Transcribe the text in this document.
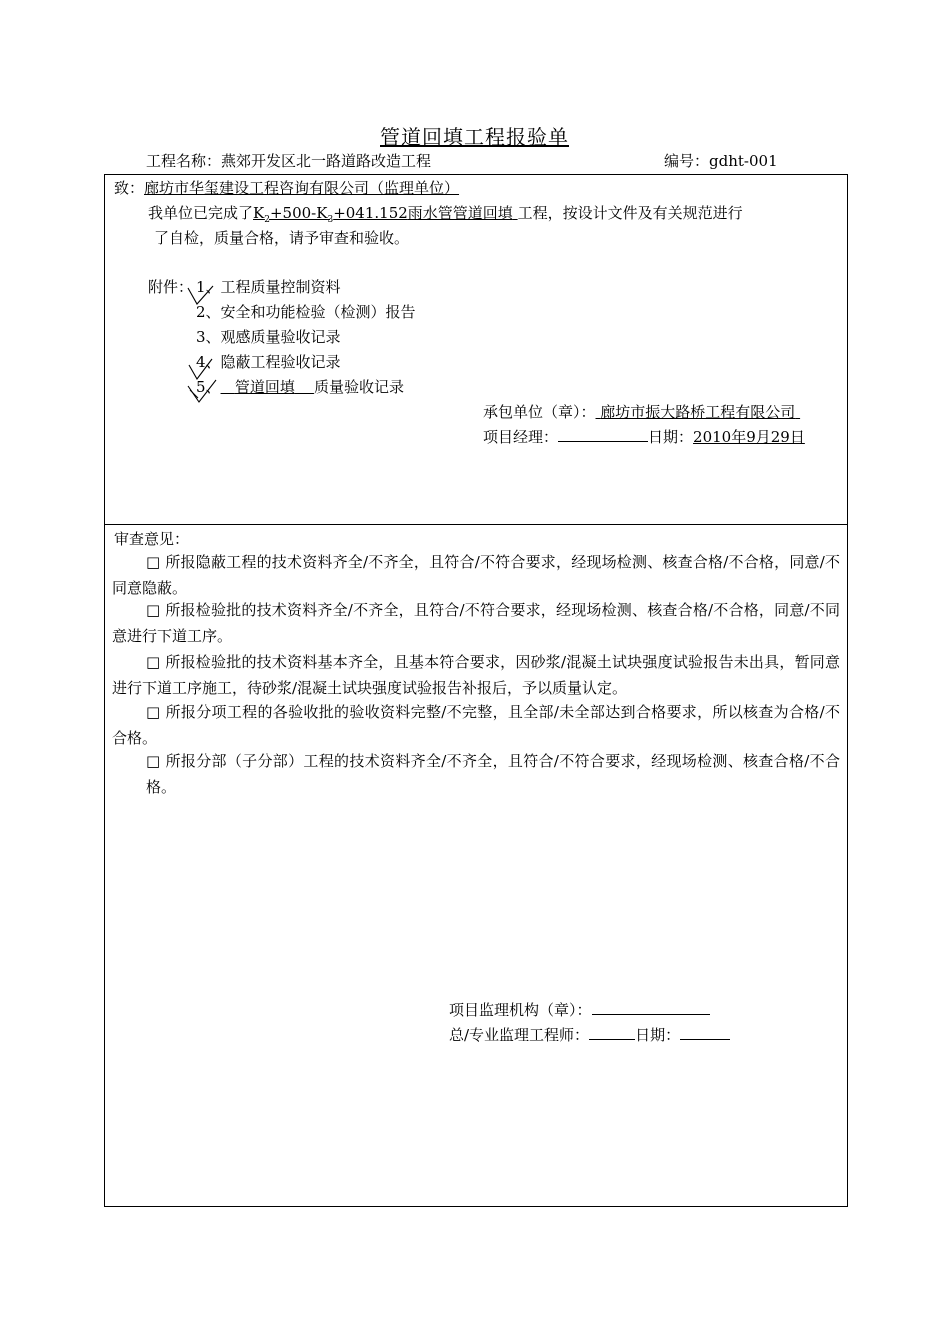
管道回填工程报验单
工程名称：燕郊开发区北一路道路改造工程	编号：gdht-001
致：廊坊市华玺建设工程咨询有限公司（监理单位）
我单位已完成了$K_2+500-K_3+041.152$雨水管管道回填 工程，按设计文件及有关规范进行
了自检，质量合格，请予审查和验收。
附件： 1、工程质量控制资料
2、安全和功能检验（检测）报告
3、观感质量验收记录
4、隐蔽工程验收记录
5、 管道回填 质量验收记录
承包单位（章）： 廊坊市振大路桥工程有限公司
项目经理：	日期：2010年9月29日
审查意见：
□ 所报隐蔽工程的技术资料齐全/不齐全，且符合/不符合要求，经现场检测、核查合格/不合格，同意/不同意隐蔽。
□ 所报检验批的技术资料齐全/不齐全，且符合/不符合要求，经现场检测、核查合格/不合格，同意/不同意进行下道工序。
□ 所报检验批的技术资料基本齐全，且基本符合要求，因砂浆/混凝土试块强度试验报告未出具，暂同意进行下道工序施工，待砂浆/混凝土试块强度试验报告补报后，予以质量认定。
□ 所报分项工程的各验收批的验收资料完整/不完整，且全部/未全部达到合格要求，所以核查为合格/不合格。
□ 所报分部（子分部）工程的技术资料齐全/不齐全，且符合/不符合要求，经现场检测、核查合格/不合格。
项目监理机构（章）：
总/专业监理工程师：	日期：
